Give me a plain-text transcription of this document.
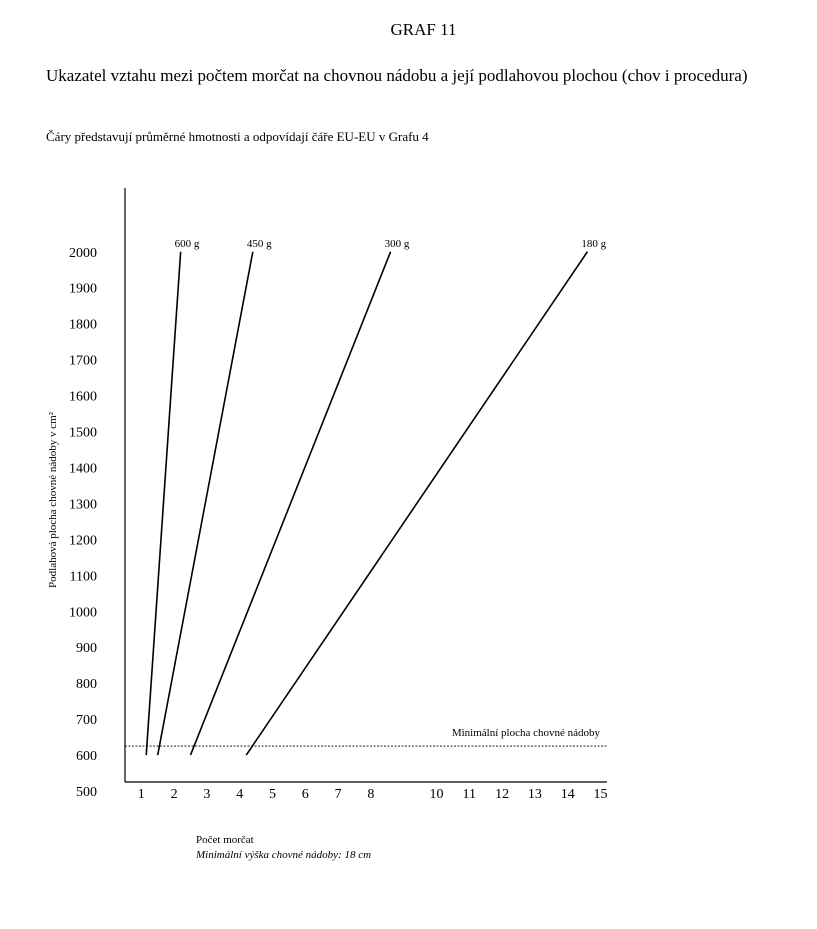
GRAF 11
Ukazatel vztahu mezi počtem morčat na chovnou nádobu a její podlahovou plochou (chov i procedura)
Čáry představují průměrné hmotnosti a odpovídají čáře EU-EU v Grafu 4
500
600
700
800
900
1000
1100
1200
1300
1400
1500
1600
1700
1800
1900
2000
1 2 3 4 5 6 7 8	10 11 12 13 14 15
Minimální plocha chovné nádoby
600 g	450 g	300 g	180 g
Podlahová plocha chovné nádoby v cm²
Počet morčat
Minimální výška chovné nádoby: 18 cm
